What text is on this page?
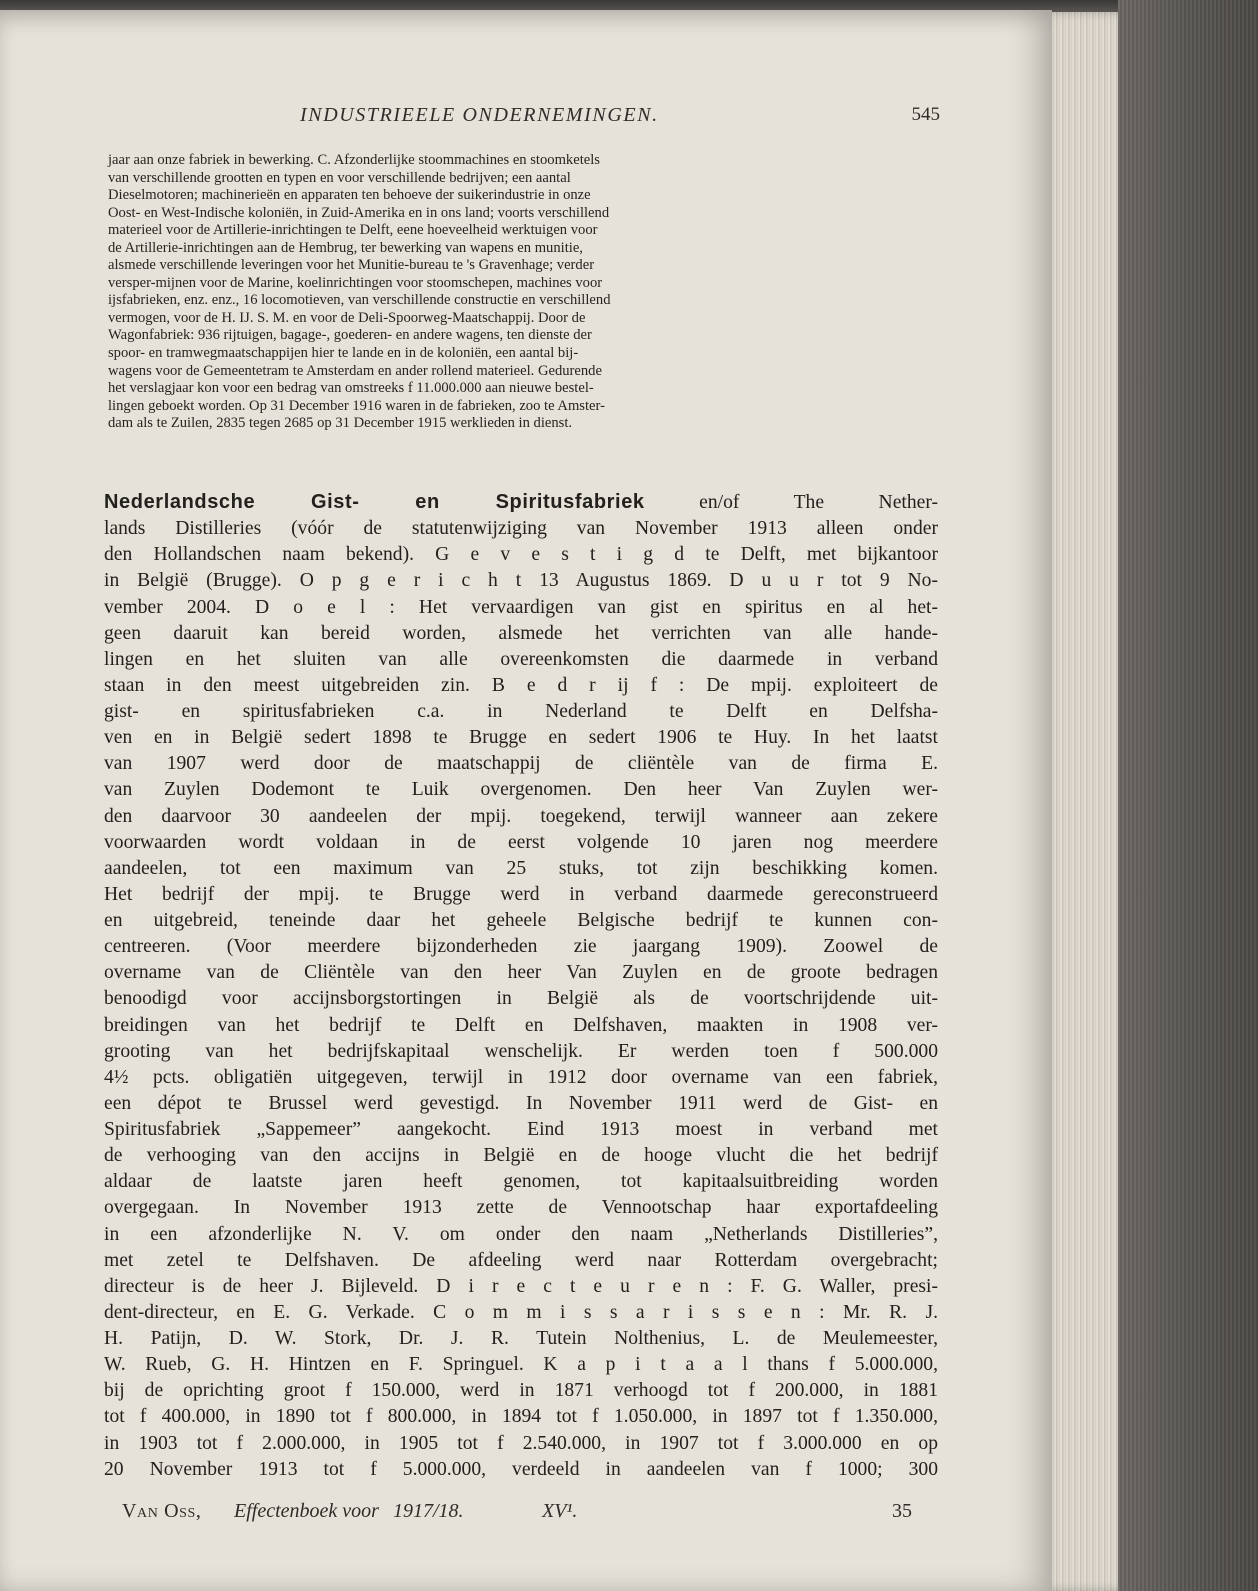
INDUSTRIEELE ONDERNEMINGEN.	545
jaar aan onze fabriek in bewerking. C. Afzonderlijke stoommachines en stoomketels
van verschillende grootten en typen en voor verschillende bedrijven; een aantal
Dieselmotoren; machinerieën en apparaten ten behoeve der suikerindustrie in onze
Oost- en West-Indische koloniën, in Zuid-Amerika en in ons land; voorts verschillend
materieel voor de Artillerie-inrichtingen te Delft, eene hoeveelheid werktuigen voor
de Artillerie-inrichtingen aan de Hembrug, ter bewerking van wapens en munitie,
alsmede verschillende leveringen voor het Munitie-bureau te 's Gravenhage; verder
versper-mijnen voor de Marine, koelinrichtingen voor stoomschepen, machines voor
ijsfabrieken, enz. enz., 16 locomotieven, van verschillende constructie en verschillend
vermogen, voor de H. IJ. S. M. en voor de Deli-Spoorweg-Maatschappij. Door de
Wagonfabriek: 936 rijtuigen, bagage-, goederen- en andere wagens, ten dienste der
spoor- en tramwegmaatschappijen hier te lande en in de koloniën, een aantal bij-
wagens voor de Gemeentetram te Amsterdam en ander rollend materieel. Gedurende
het verslagjaar kon voor een bedrag van omstreeks f 11.000.000 aan nieuwe bestel-
lingen geboekt worden. Op 31 December 1916 waren in de fabrieken, zoo te Amster-
dam als te Zuilen, 2835 tegen 2685 op 31 December 1915 werklieden in dienst.
Nederlandsche Gist- en Spiritusfabriek	en/of The Nether-
lands Distilleries (vóór de statutenwijziging van November 1913 alleen onder
den Hollandschen naam bekend). G e v e s t i g d te Delft, met bijkantoor
in België (Brugge). O p g e r i c h t 13 Augustus 1869. D u u r tot 9 No-
vember 2004. D o e l : Het vervaardigen van gist en spiritus en al het-
geen daaruit kan bereid worden, alsmede het verrichten van alle hande-
lingen en het sluiten van alle overeenkomsten die daarmede in verband
staan in den meest uitgebreiden zin. B e d r ij f : De mpij. exploiteert de
gist- en spiritusfabrieken c.a. in Nederland te Delft en Delfsha-
ven en in België sedert 1898 te Brugge en sedert 1906 te Huy. In het laatst
van 1907 werd door de maatschappij de cliëntèle van de firma E.
van Zuylen Dodemont te Luik overgenomen. Den heer Van Zuylen wer-
den daarvoor 30 aandeelen der mpij. toegekend, terwijl wanneer aan zekere
voorwaarden wordt voldaan in de eerst volgende 10 jaren nog meerdere
aandeelen, tot een maximum van 25 stuks, tot zijn beschikking komen.
Het bedrijf der mpij. te Brugge werd in verband daarmede gereconstrueerd
en uitgebreid, teneinde daar het geheele Belgische bedrijf te kunnen con-
centreeren. (Voor meerdere bijzonderheden zie jaargang 1909). Zoowel de
overname van de Cliëntèle van den heer Van Zuylen en de groote bedragen
benoodigd voor accijnsborgstortingen in België als de voortschrijdende uit-
breidingen van het bedrijf te Delft en Delfshaven, maakten in 1908 ver-
grooting van het bedrijfskapitaal wenschelijk. Er werden toen f 500.000
4½ pcts. obligatiën uitgegeven, terwijl in 1912 door overname van een fabriek,
een dépot te Brussel werd gevestigd. In November 1911 werd de Gist- en
Spiritusfabriek „Sappemeer” aangekocht. Eind 1913 moest in verband met
de verhooging van den accijns in België en de hooge vlucht die het bedrijf
aldaar de laatste jaren heeft genomen, tot kapitaalsuitbreiding worden
overgegaan. In November 1913 zette de Vennootschap haar exportafdeeling
in een afzonderlijke N. V. om onder den naam „Netherlands Distilleries”,
met zetel te Delfshaven. De afdeeling werd naar Rotterdam overgebracht;
directeur is de heer J. Bijleveld. D i r e c t e u r e n : F. G. Waller, presi-
dent-directeur, en E. G. Verkade. C o m m i s s a r i s s e n : Mr. R. J.
H. Patijn, D. W. Stork, Dr. J. R. Tutein Nolthenius, L. de Meulemeester,
W. Rueb, G. H. Hintzen en F. Springuel. K a p i t a a l thans f 5.000.000,
bij de oprichting groot f 150.000, werd in 1871 verhoogd tot f 200.000, in 1881
tot f 400.000, in 1890 tot f 800.000, in 1894 tot f 1.050.000, in 1897 tot f 1.350.000,
in 1903 tot f 2.000.000, in 1905 tot f 2.540.000, in 1907 tot f 3.000.000 en op
20 November 1913 tot f 5.000.000, verdeeld in aandeelen van f 1000; 300
Van Oss, Effectenboek voor 1917/18.	XV¹.	35
